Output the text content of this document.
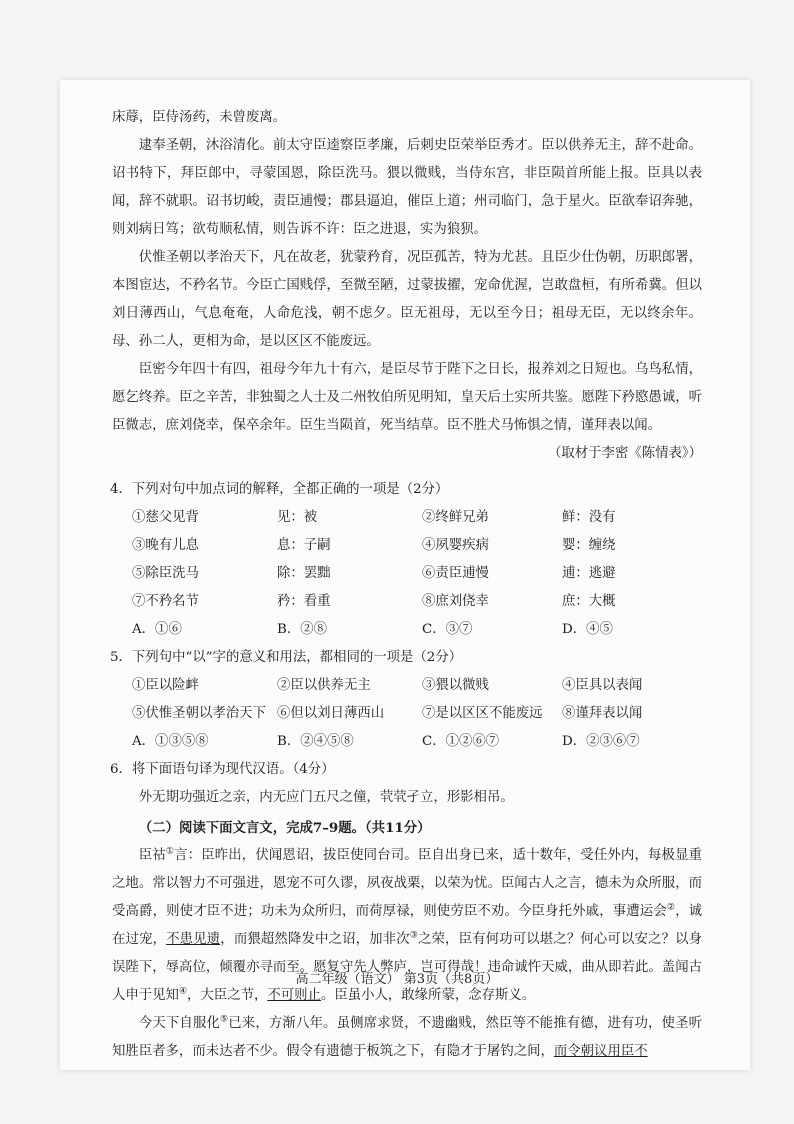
床蓐，臣侍汤药，未曾废离。

逮奉圣朝，沐浴清化。前太守臣逵察臣孝廉，后刺史臣荣举臣秀才。臣以供养无主，辞不赴命。诏书特下，拜臣郎中，寻蒙国恩，除臣洗马。猥以微贱，当侍东宫，非臣陨首所能上报。臣具以表闻，辞不就职。诏书切峻，责臣逋慢；郡县逼迫，催臣上道；州司临门，急于星火。臣欲奉诏奔驰，则刘病日笃；欲苟顺私情，则告诉不许：臣之进退，实为狼狈。

伏惟圣朝以孝治天下，凡在故老，犹蒙矜育，况臣孤苦，特为尤甚。且臣少仕伪朝，历职郎署，本图宦达，不矜名节。今臣亡国贱俘，至微至陋，过蒙拔擢，宠命优渥，岂敢盘桓，有所希冀。但以刘日薄西山，气息奄奄，人命危浅，朝不虑夕。臣无祖母，无以至今日；祖母无臣，无以终余年。母、孙二人，更相为命，是以区区不能废远。

臣密今年四十有四，祖母今年九十有六，是臣尽节于陛下之日长，报养刘之日短也。乌鸟私情，愿乞终养。臣之辛苦，非独蜀之人士及二州牧伯所见明知，皇天后土实所共鉴。愿陛下矜愍愚诚，听臣微志，庶刘侥幸，保卒余年。臣生当陨首，死当结草。臣不胜犬马怖惧之情，谨拜表以闻。

（取材于李密《陈情表》）

4．下列对句中加点词的解释，全都正确的一项是（2分）

①慈父见背	见：被	②终鲜兄弟	鲜：没有
③晚有儿息	息：子嗣	④夙婴疾病	婴：缠绕
⑤除臣洗马	除：罢黜	⑥责臣逋慢	逋：逃避
⑦不矜名节	矜：看重	⑧庶刘侥幸	庶：大概
A．①⑥	B．②⑧	C．③⑦	D．④⑤

5．下列句中“以”字的意义和用法，都相同的一项是（2分）

①臣以险衅	②臣以供养无主	③猥以微贱	④臣具以表闻
⑤伏惟圣朝以孝治天下 ⑥但以刘日薄西山	⑦是以区区不能废远	⑧谨拜表以闻
A．①③⑤⑧	B．②④⑤⑧	C．①②⑥⑦	D．②③⑥⑦

6．将下面语句译为现代汉语。（4分）

外无期功强近之亲，内无应门五尺之僮，茕茕孑立，形影相吊。

（二）阅读下面文言文，完成7–9题。（共11分）

臣祜①言：臣昨出，伏闻恩诏，拔臣使同台司。臣自出身已来，适十数年，受任外内，每极显重之地。常以智力不可强进，恩宠不可久谬，夙夜战栗，以荣为忧。臣闻古人之言，德未为众所服，而受高爵，则使才臣不进；功未为众所归，而荷厚禄，则使劳臣不劝。今臣身托外戚，事遭运会②，诚在过宠，不患见遗，而猥超然降发中之诏，加非次③之荣，臣有何功可以堪之？何心可以安之？以身误陛下，辱高位，倾覆亦寻而至。愿复守先人弊庐，岂可得哉！违命诚忤天威，曲从即若此。盖闻古人申于见知④，大臣之节，不可则止。臣虽小人，敢缘所蒙，念存斯义。

今天下自服化⑤已来，方渐八年。虽侧席求贤，不遗幽贱，然臣等不能推有德，进有功，使圣听知胜臣者多，而未达者不少。假令有遗德于板筑之下，有隐才于屠钓之间，而令朝议用臣不

高二年级（语文） 第3页（共8页）
